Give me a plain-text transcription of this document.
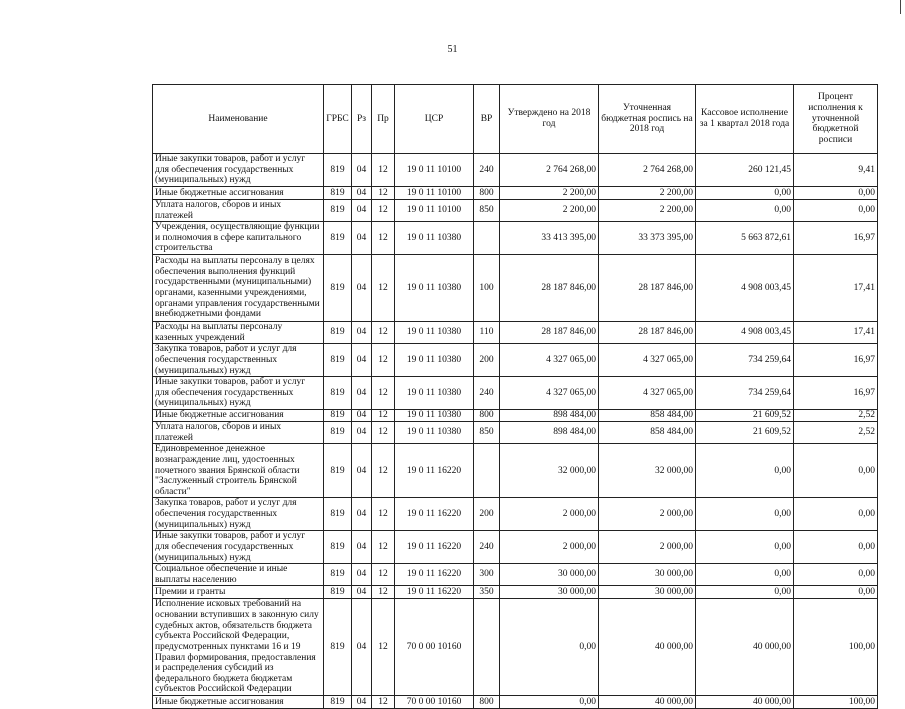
51
Наименование	ГРБС	Рз	Пр	ЦСР	ВР	Утверждено на 2018 год	Уточненная бюджетная роспись на 2018 год	Кассовое исполнение за 1 квартал 2018 года	Процент исполнения к уточненной бюджетной росписи
Иные закупки товаров, работ и услуг для обеспечения государственных (муниципальных) нужд	819	04	12	19 0 11 10100	240	2 764 268,00	2 764 268,00	260 121,45	9,41
Иные бюджетные ассигнования	819	04	12	19 0 11 10100	800	2 200,00	2 200,00	0,00	0,00
Уплата налогов, сборов и иных платежей	819	04	12	19 0 11 10100	850	2 200,00	2 200,00	0,00	0,00
Учреждения, осуществляющие функции и полномочия в сфере капитального строительства	819	04	12	19 0 11 10380		33 413 395,00	33 373 395,00	5 663 872,61	16,97
Расходы на выплаты персоналу в целях обеспечения выполнения функций государственными (муниципальными) органами, казенными учреждениями, органами управления государственными внебюджетными фондами	819	04	12	19 0 11 10380	100	28 187 846,00	28 187 846,00	4 908 003,45	17,41
Расходы на выплаты персоналу казенных учреждений	819	04	12	19 0 11 10380	110	28 187 846,00	28 187 846,00	4 908 003,45	17,41
Закупка товаров, работ и услуг для обеспечения государственных (муниципальных) нужд	819	04	12	19 0 11 10380	200	4 327 065,00	4 327 065,00	734 259,64	16,97
Иные закупки товаров, работ и услуг для обеспечения государственных (муниципальных) нужд	819	04	12	19 0 11 10380	240	4 327 065,00	4 327 065,00	734 259,64	16,97
Иные бюджетные ассигнования	819	04	12	19 0 11 10380	800	898 484,00	858 484,00	21 609,52	2,52
Уплата налогов, сборов и иных платежей	819	04	12	19 0 11 10380	850	898 484,00	858 484,00	21 609,52	2,52
Единовременное денежное вознаграждение лиц, удостоенных почетного звания Брянской области "Заслуженный строитель Брянской области"	819	04	12	19 0 11 16220		32 000,00	32 000,00	0,00	0,00
Закупка товаров, работ и услуг для обеспечения государственных (муниципальных) нужд	819	04	12	19 0 11 16220	200	2 000,00	2 000,00	0,00	0,00
Иные закупки товаров, работ и услуг для обеспечения государственных (муниципальных) нужд	819	04	12	19 0 11 16220	240	2 000,00	2 000,00	0,00	0,00
Социальное обеспечение и иные выплаты населению	819	04	12	19 0 11 16220	300	30 000,00	30 000,00	0,00	0,00
Премии и гранты	819	04	12	19 0 11 16220	350	30 000,00	30 000,00	0,00	0,00
Исполнение исковых требований на основании вступивших в законную силу судебных актов, обязательств бюджета субъекта Российской Федерации, предусмотренных пунктами 16 и 19 Правил формирования, предоставления и распределения субсидий из федерального бюджета бюджетам субъектов Российской Федерации	819	04	12	70 0 00 10160		0,00	40 000,00	40 000,00	100,00
Иные бюджетные ассигнования	819	04	12	70 0 00 10160	800	0,00	40 000,00	40 000,00	100,00
